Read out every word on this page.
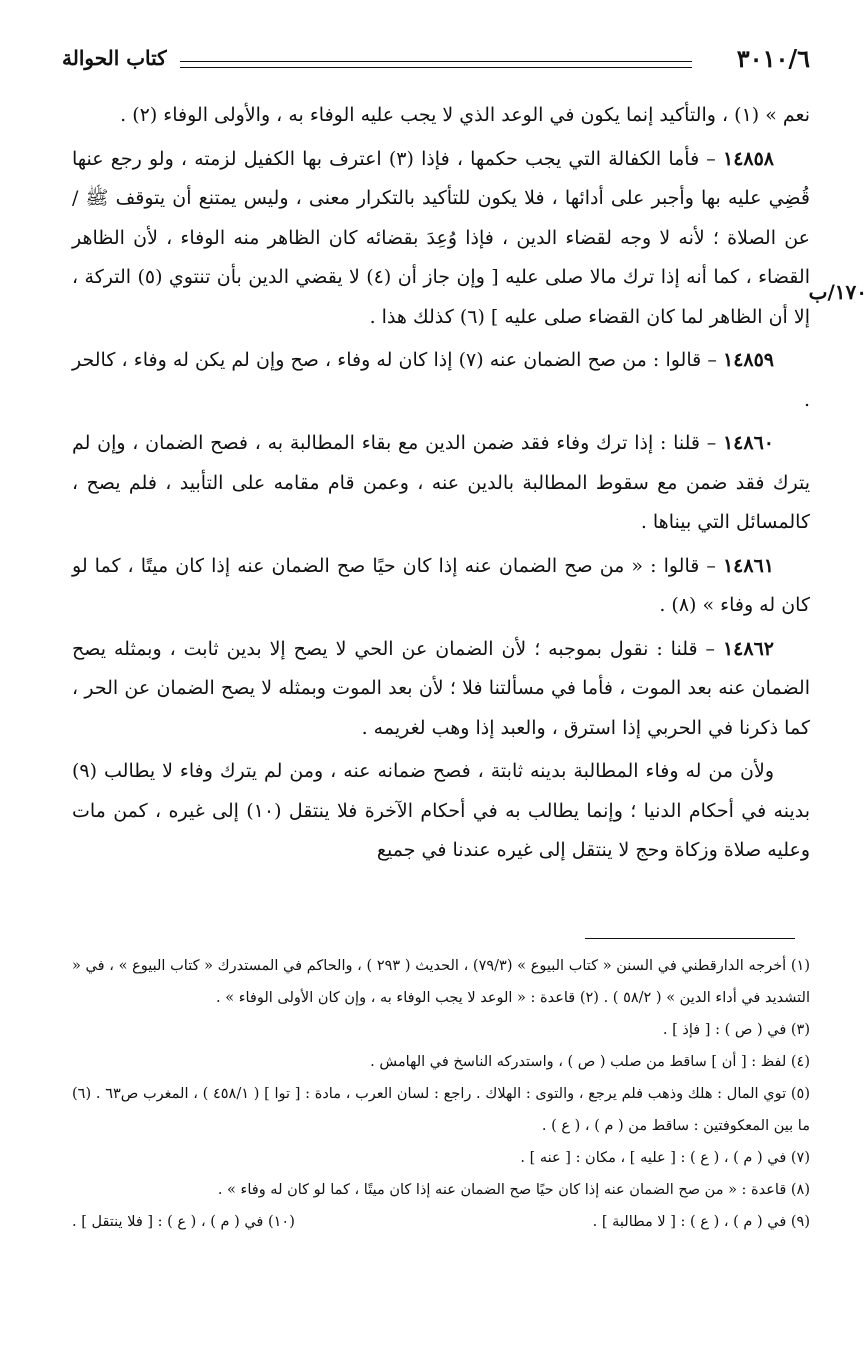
٣٠١٠/٦
كتاب الحوالة
١٧٠/ب

نعم » (١) ، والتأكيد إنما يكون في الوعد الذي لا يجب عليه الوفاء به ، والأولى الوفاء (٢) .

١٤٨٥٨ – فأما الكفالة التي يجب حكمها ، فإذا (٣) اعترف بها الكفيل لزمته ، ولو رجع عنها قُضِي عليه بها وأجبر على أدائها ، فلا يكون للتأكيد بالتكرار معنى ، وليس يمتنع أن يتوقف ﷺ / عن الصلاة ؛ لأنه لا وجه لقضاء الدين ، فإذا وُعِدَ بقضائه كان الظاهر منه الوفاء ، لأن الظاهر القضاء ، كما أنه إذا ترك مالا صلى عليه [ وإن جاز أن (٤) لا يقضي الدين بأن تنتوي (٥) التركة ، إلا أن الظاهر لما كان القضاء صلى عليه ] (٦) كذلك هذا .

١٤٨٥٩ – قالوا : من صح الضمان عنه (٧) إذا كان له وفاء ، صح وإن لم يكن له وفاء ، كالحر .

١٤٨٦٠ – قلنا : إذا ترك وفاء فقد ضمن الدين مع بقاء المطالبة به ، فصح الضمان ، وإن لم يترك فقد ضمن مع سقوط المطالبة بالدين عنه ، وعمن قام مقامه على التأبيد ، فلم يصح ، كالمسائل التي بيناها .

١٤٨٦١ – قالوا : « من صح الضمان عنه إذا كان حيًا صح الضمان عنه إذا كان ميتًا ، كما لو كان له وفاء » (٨) .

١٤٨٦٢ – قلنا : نقول بموجبه ؛ لأن الضمان عن الحي لا يصح إلا بدين ثابت ، وبمثله يصح الضمان عنه بعد الموت ، فأما في مسألتنا فلا ؛ لأن بعد الموت وبمثله لا يصح الضمان عن الحر ، كما ذكرنا في الحربي إذا استرق ، والعبد إذا وهب لغريمه .

ولأن من له وفاء المطالبة بدينه ثابتة ، فصح ضمانه عنه ، ومن لم يترك وفاء لا يطالب (٩) بدينه في أحكام الدنيا ؛ وإنما يطالب به في أحكام الآخرة فلا ينتقل (١٠) إلى غيره ، كمن مات وعليه صلاة وزكاة وحج لا ينتقل إلى غيره عندنا في جميع

(١) أخرجه الدارقطني في السنن « كتاب البيوع » (٧٩/٣) ، الحديث ( ٢٩٣ ) ، والحاكم في المستدرك « كتاب البيوع » ، في « التشديد في أداء الدين » ( ٥٨/٢ ) . (٢) قاعدة : « الوعد لا يجب الوفاء به ، وإن كان الأولى الوفاء » .

(٣) في ( ص ) : [ فإذ ] .

(٤) لفظ : [ أن ] ساقط من صلب ( ص ) ، واستدركه الناسخ في الهامش .

(٥) توي المال : هلك وذهب فلم يرجع ، والتوى : الهلاك . راجع : لسان العرب ، مادة : [ توا ] ( ٤٥٨/١ ) ، المغرب ص٦٣ . (٦) ما بين المعكوفتين : ساقط من ( م ) ، ( ع ) .

(٧) في ( م ) ، ( ع ) : [ عليه ] ، مكان : [ عنه ] .

(٨) قاعدة : « من صح الضمان عنه إذا كان حيًا صح الضمان عنه إذا كان ميتًا ، كما لو كان له وفاء » .

(٩) في ( م ) ، ( ع ) : [ لا مطالبة ] .
(١٠) في ( م ) ، ( ع ) : [ فلا ينتقل ] .
